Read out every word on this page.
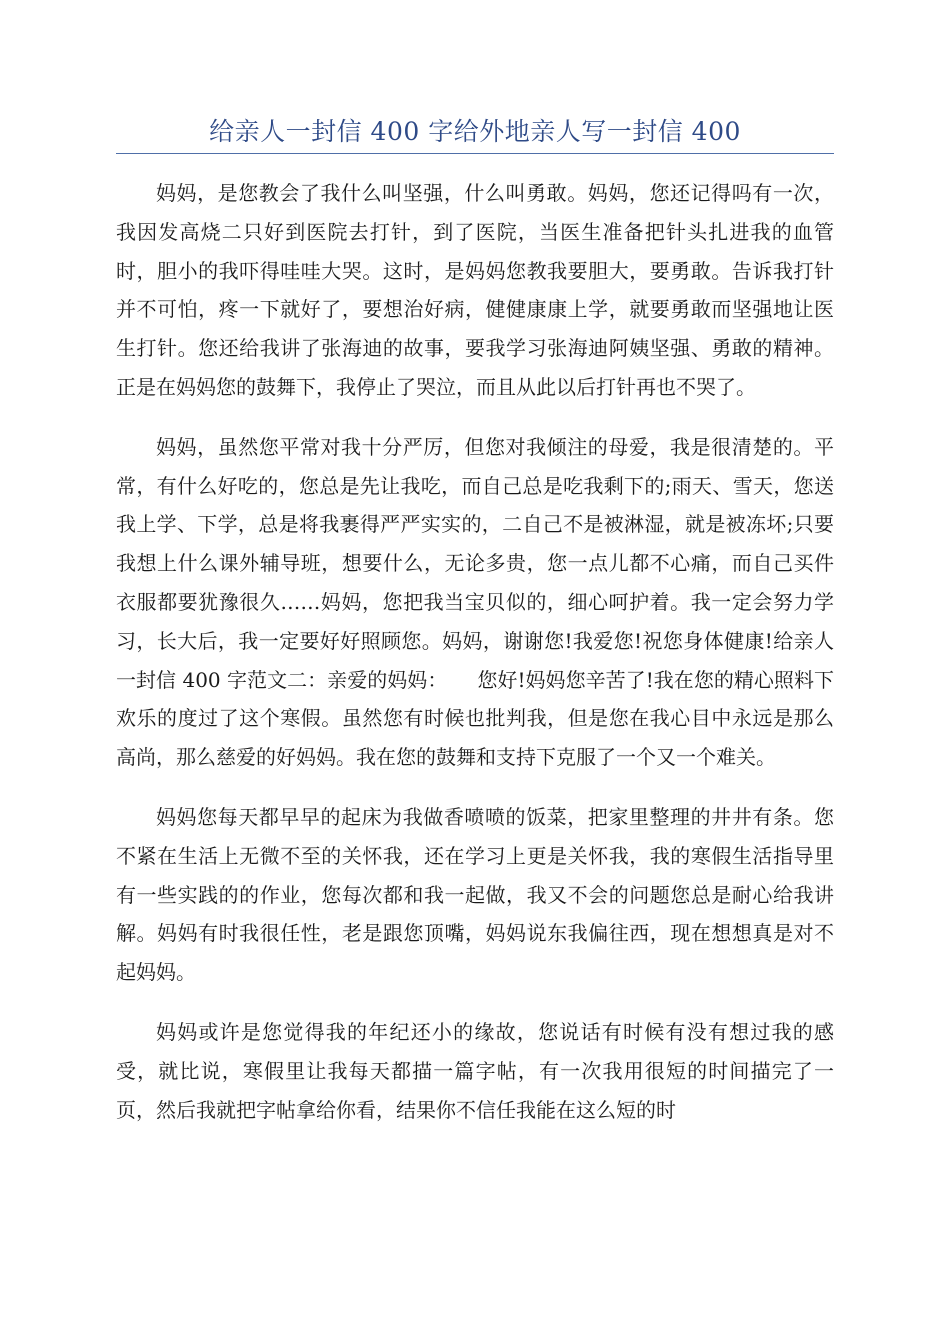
给亲人一封信 400 字给外地亲人写一封信 400

妈妈，是您教会了我什么叫坚强，什么叫勇敢。妈妈，您还记得吗有一次，我因发高烧二只好到医院去打针，到了医院，当医生准备把针头扎进我的血管时，胆小的我吓得哇哇大哭。这时，是妈妈您教我要胆大，要勇敢。告诉我打针并不可怕，疼一下就好了，要想治好病，健健康康上学，就要勇敢而坚强地让医生打针。您还给我讲了张海迪的故事，要我学习张海迪阿姨坚强、勇敢的精神。正是在妈妈您的鼓舞下，我停止了哭泣，而且从此以后打针再也不哭了。

妈妈，虽然您平常对我十分严厉，但您对我倾注的母爱，我是很清楚的。平常，有什么好吃的，您总是先让我吃，而自己总是吃我剩下的;雨天、雪天，您送我上学、下学，总是将我裹得严严实实的，二自己不是被淋湿，就是被冻坏;只要我想上什么课外辅导班，想要什么，无论多贵，您一点儿都不心痛，而自己买件衣服都要犹豫很久……妈妈，您把我当宝贝似的，细心呵护着。我一定会努力学习，长大后，我一定要好好照顾您。妈妈，谢谢您!我爱您!祝您身体健康!给亲人一封信 400 字范文二：亲爱的妈妈：　　您好!妈妈您辛苦了!我在您的精心照料下欢乐的度过了这个寒假。虽然您有时候也批判我，但是您在我心目中永远是那么高尚，那么慈爱的好妈妈。我在您的鼓舞和支持下克服了一个又一个难关。

妈妈您每天都早早的起床为我做香喷喷的饭菜，把家里整理的井井有条。您不紧在生活上无微不至的关怀我，还在学习上更是关怀我，我的寒假生活指导里有一些实践的的作业，您每次都和我一起做，我又不会的问题您总是耐心给我讲解。妈妈有时我很任性，老是跟您顶嘴，妈妈说东我偏往西，现在想想真是对不起妈妈。

妈妈或许是您觉得我的年纪还小的缘故，您说话有时候有没有想过我的感受，就比说，寒假里让我每天都描一篇字帖，有一次我用很短的时间描完了一页，然后我就把字帖拿给你看，结果你不信任我能在这么短的时
